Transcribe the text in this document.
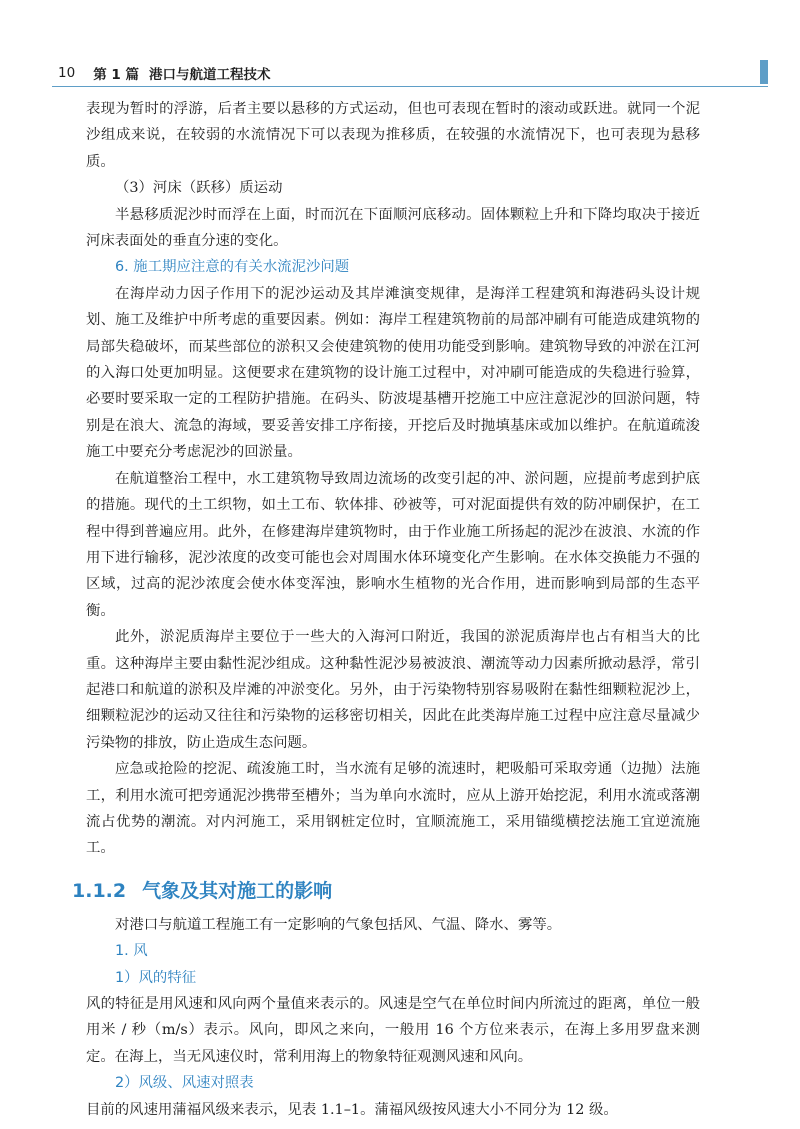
10 第 1 篇 港口与航道工程技术

表现为暂时的浮游，后者主要以悬移的方式运动，但也可表现在暂时的滚动或跃进。就同一个泥沙组成来说，在较弱的水流情况下可以表现为推移质，在较强的水流情况下，也可表现为悬移质。

（3）河床（跃移）质运动

半悬移质泥沙时而浮在上面，时而沉在下面顺河底移动。固体颗粒上升和下降均取决于接近河床表面处的垂直分速的变化。

6. 施工期应注意的有关水流泥沙问题

在海岸动力因子作用下的泥沙运动及其岸滩演变规律，是海洋工程建筑和海港码头设计规划、施工及维护中所考虑的重要因素。例如：海岸工程建筑物前的局部冲刷有可能造成建筑物的局部失稳破坏，而某些部位的淤积又会使建筑物的使用功能受到影响。建筑物导致的冲淤在江河的入海口处更加明显。这便要求在建筑物的设计施工过程中，对冲刷可能造成的失稳进行验算，必要时要采取一定的工程防护措施。在码头、防波堤基槽开挖施工中应注意泥沙的回淤问题，特别是在浪大、流急的海域，要妥善安排工序衔接，开挖后及时抛填基床或加以维护。在航道疏浚施工中要充分考虑泥沙的回淤量。

在航道整治工程中，水工建筑物导致周边流场的改变引起的冲、淤问题，应提前考虑到护底的措施。现代的土工织物，如土工布、软体排、砂被等，可对泥面提供有效的防冲刷保护，在工程中得到普遍应用。此外，在修建海岸建筑物时，由于作业施工所扬起的泥沙在波浪、水流的作用下进行输移，泥沙浓度的改变可能也会对周围水体环境变化产生影响。在水体交换能力不强的区域，过高的泥沙浓度会使水体变浑浊，影响水生植物的光合作用，进而影响到局部的生态平衡。

此外，淤泥质海岸主要位于一些大的入海河口附近，我国的淤泥质海岸也占有相当大的比重。这种海岸主要由黏性泥沙组成。这种黏性泥沙易被波浪、潮流等动力因素所掀动悬浮，常引起港口和航道的淤积及岸滩的冲淤变化。另外，由于污染物特别容易吸附在黏性细颗粒泥沙上，细颗粒泥沙的运动又往往和污染物的运移密切相关，因此在此类海岸施工过程中应注意尽量减少污染物的排放，防止造成生态问题。

应急或抢险的挖泥、疏浚施工时，当水流有足够的流速时，耙吸船可采取旁通（边抛）法施工，利用水流可把旁通泥沙携带至槽外；当为单向水流时，应从上游开始挖泥，利用水流或落潮流占优势的潮流。对内河施工，采用钢桩定位时，宜顺流施工，采用锚缆横挖法施工宜逆流施工。

1.1.2 气象及其对施工的影响

对港口与航道工程施工有一定影响的气象包括风、气温、降水、雾等。

1. 风
1）风的特征

风的特征是用风速和风向两个量值来表示的。风速是空气在单位时间内所流过的距离，单位一般用米 / 秒（m/s）表示。风向，即风之来向，一般用 16 个方位来表示，在海上多用罗盘来测定。在海上，当无风速仪时，常利用海上的物象特征观测风速和风向。

2）风级、风速对照表

目前的风速用蒲福风级来表示，见表 1.1–1。蒲福风级按风速大小不同分为 12 级。
